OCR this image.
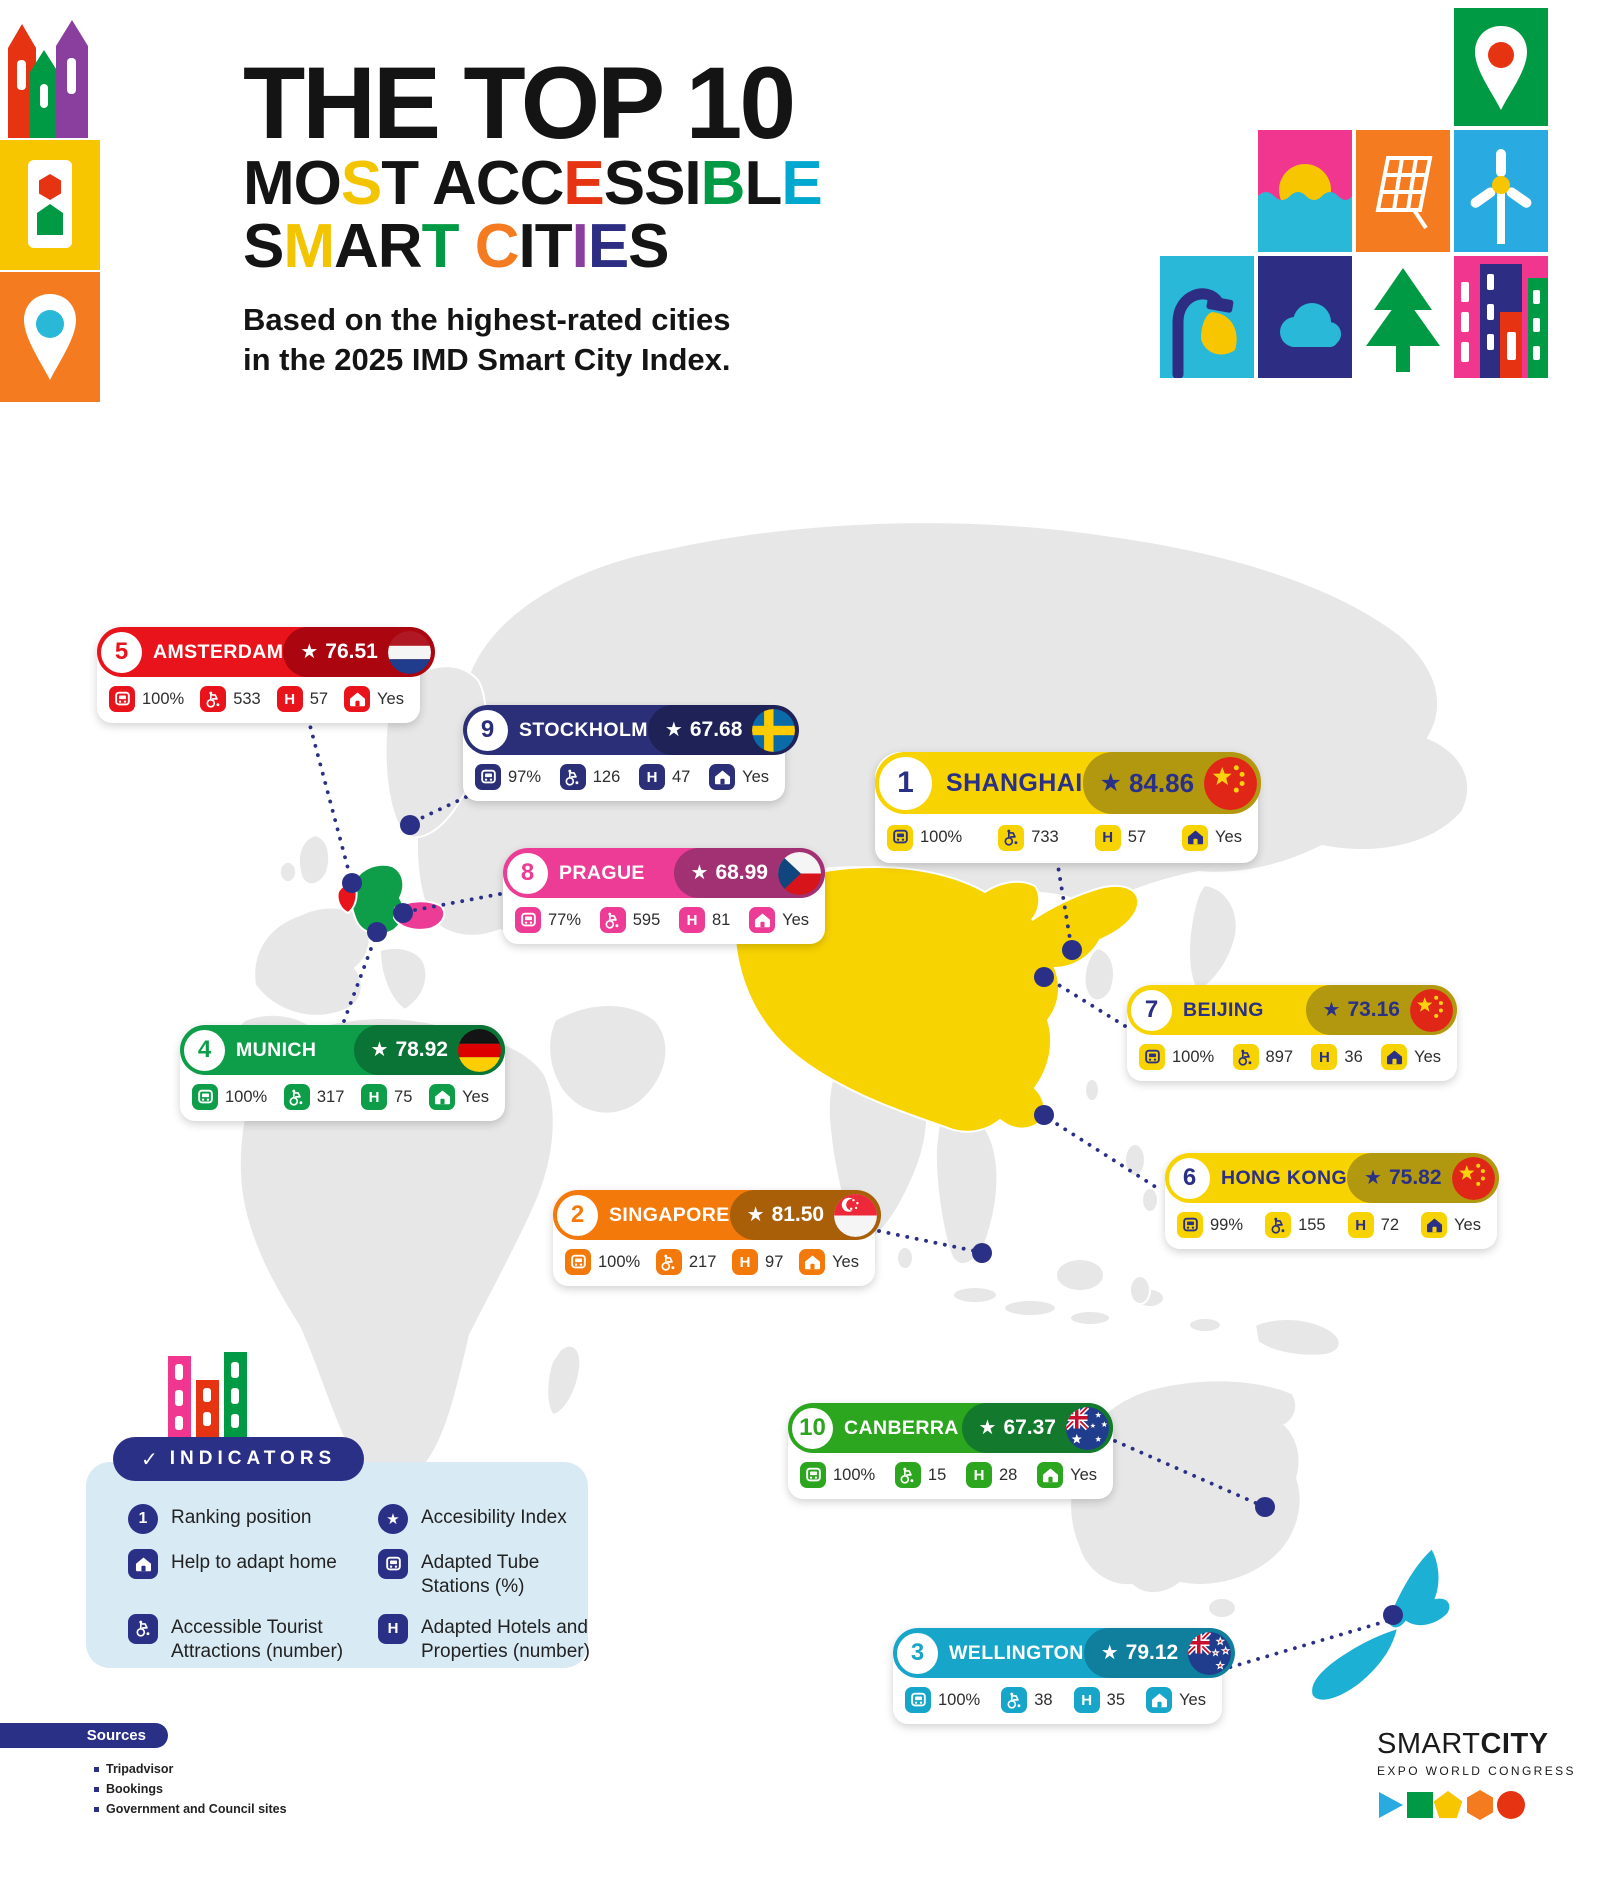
THE TOP 10
MOST ACCESSIBLE
SMART CITIES
Based on the highest-rated cities
in the 2025 IMD Smart City Index.
1	SHANGHAI ★ 84.86
100%	733	H 57	Yes
2	SINGAPORE ★ 81.50
100%	217 H 97	Yes
3	WELLINGTON ★ 79.12
100%	38 H 35	Yes
4	MUNICH	★ 78.92
100%	317 H 75	Yes
5	AMSTERDAM ★ 76.51
100%	533 H 57	Yes
6	HONG KONG ★ 75.82
99%	155 H 72	Yes
7	BEIJING	★ 73.16
100%	897 H 36	Yes
8	PRAGUE ★ 68.99
77%	595 H 81	Yes
9	STOCKHOLM ★ 67.68
97%	126 H 47	Yes
10 CANBERRA ★ 67.37
100%	15 H 28	Yes
✓ INDICATORS
1	Ranking position	★ Accesibility Index
Help to adapt home	Adapted Tube Stations (%)
Accessible Tourist Attractions (number)
H Adapted Hotels and Properties (number)
Sources
Tripadvisor
Bookings
Government and Council sites
SMARTCITY
EXPO WORLD CONGRESS
